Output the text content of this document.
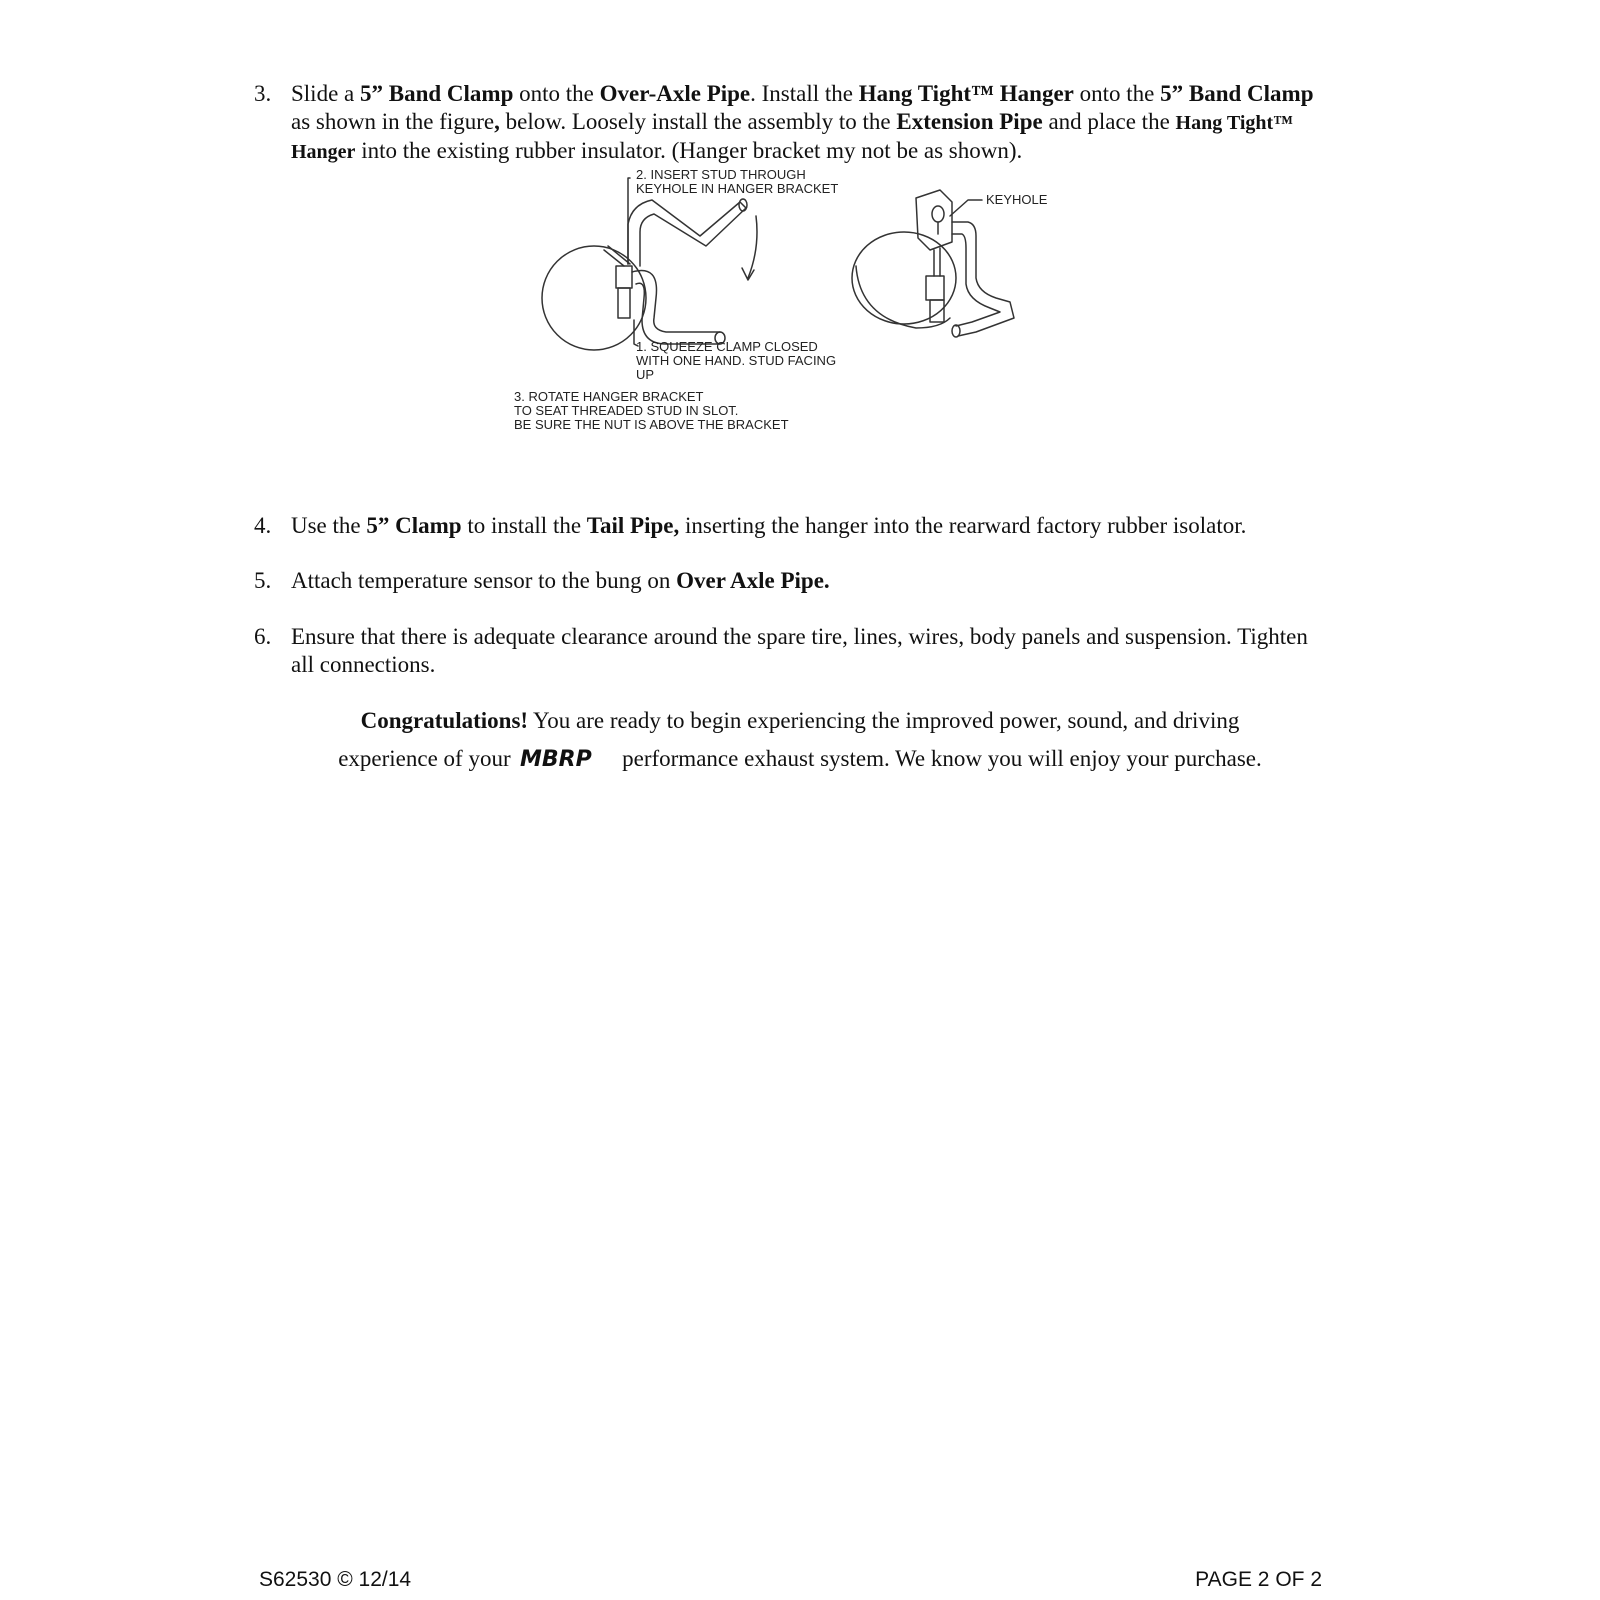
3. Slide a 5” Band Clamp onto the Over-Axle Pipe. Install the Hang Tight™ Hanger onto the 5” Band Clamp as shown in the figure, below. Loosely install the assembly to the Extension Pipe and place the Hang Tight™ Hanger into the existing rubber insulator. (Hanger bracket my not be as shown).
2. INSERT STUD THROUGH
KEYHOLE IN HANGER BRACKET
KEYHOLE
1. SQUEEZE CLAMP CLOSED
WITH ONE HAND. STUD FACING
UP
3. ROTATE HANGER BRACKET
TO SEAT THREADED STUD IN SLOT.
BE SURE THE NUT IS ABOVE THE BRACKET
4. Use the 5” Clamp to install the Tail Pipe, inserting the hanger into the rearward factory rubber isolator.
5. Attach temperature sensor to the bung on Over Axle Pipe.
6. Ensure that there is adequate clearance around the spare tire, lines, wires, body panels and suspension. Tighten all connections.
Congratulations! You are ready to begin experiencing the improved power, sound, and driving
experience of your MBRP performance exhaust system. We know you will enjoy your purchase.
S62530 © 12/14	PAGE 2 OF 2
